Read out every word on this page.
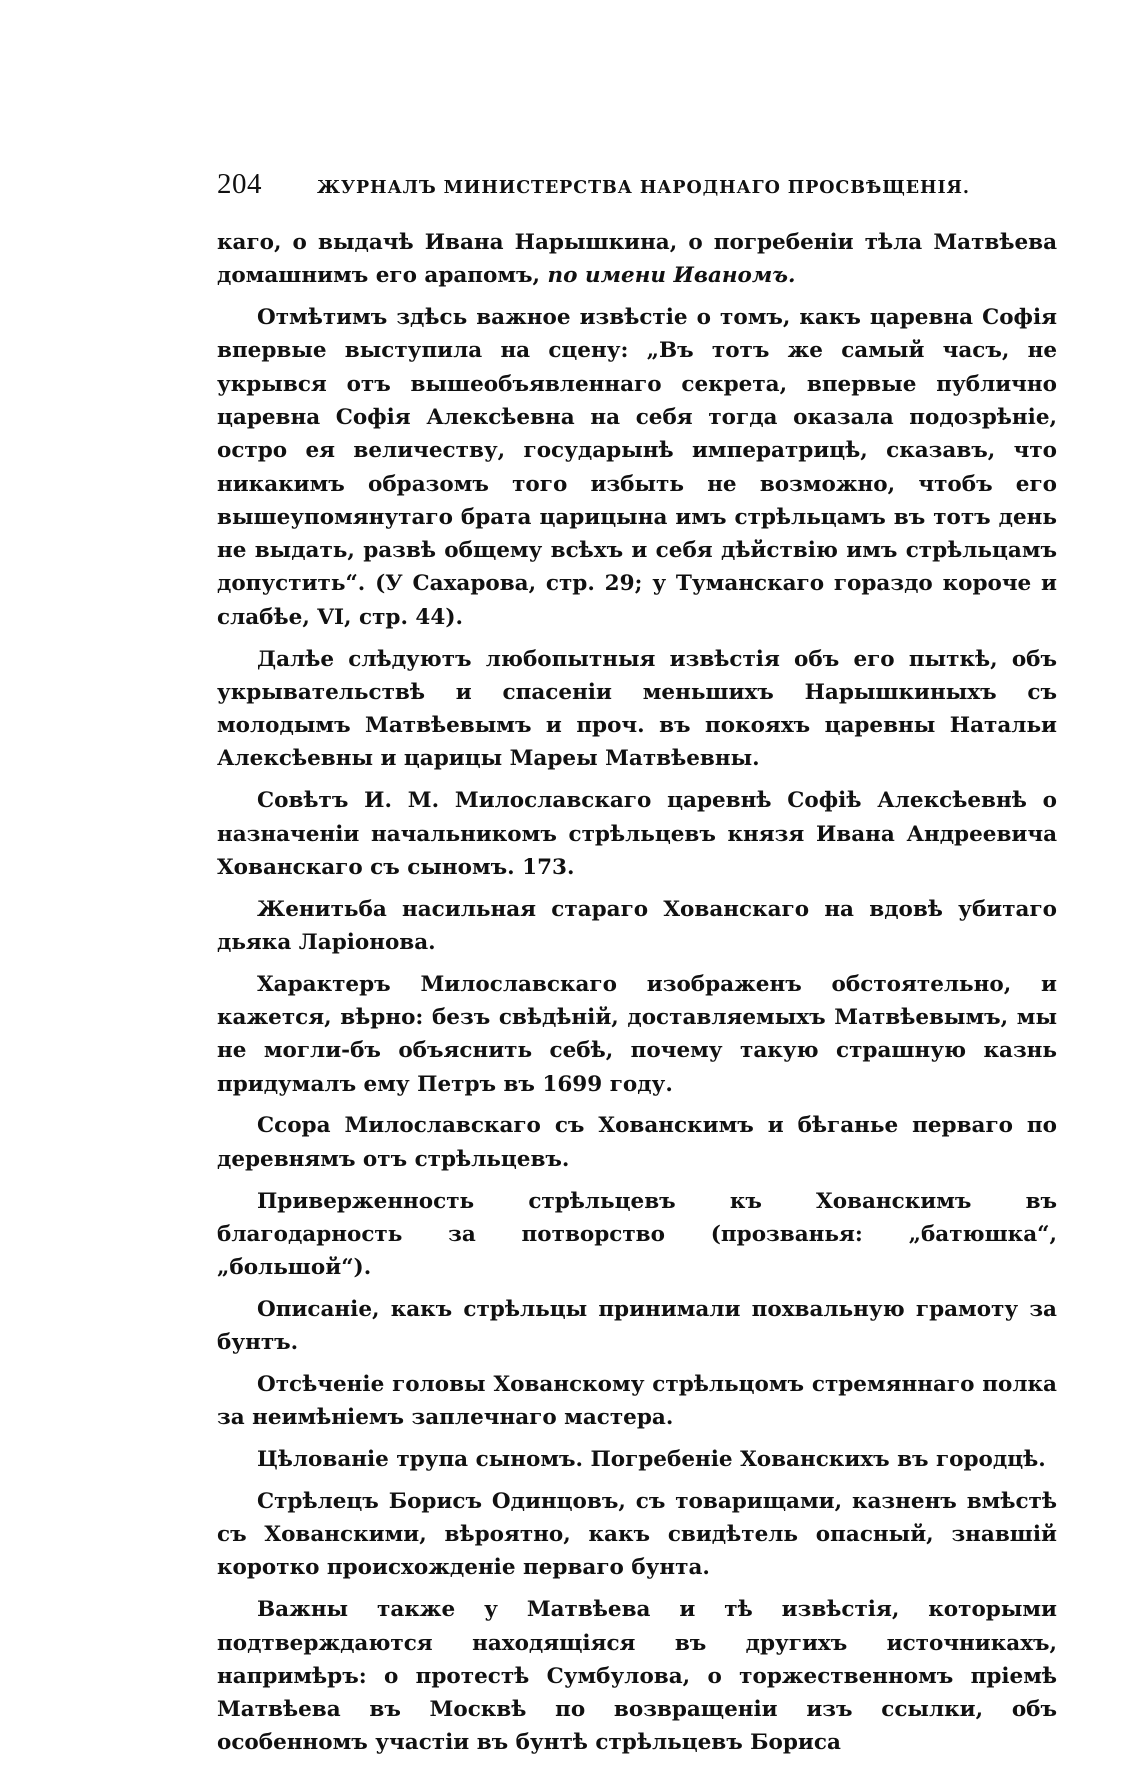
204	ЖУРНАЛЪ МИНИСТЕРСТВА НАРОДНАГО ПРОСВѢЩЕНІЯ.

каго, о выдачѣ Ивана Нарышкина, о погребеніи тѣла Матвѣева домашнимъ его арапомъ, по имени Иваномъ.

Отмѣтимъ здѣсь важное извѣстіе о томъ, какъ царевна Софія впервые выступила на сцену: „Въ тотъ же самый часъ, не укрывся отъ вышеобъявленнаго секрета, впервые публично царевна Софія Алексѣевна на себя тогда оказала подозрѣніе, остро ея величеству, государынѣ императрицѣ, сказавъ, что никакимъ образомъ того избыть не возможно, чтобъ его вышеупомянутаго брата царицына имъ стрѣльцамъ въ тотъ день не выдать, развѣ общему всѣхъ и себя дѣйствію имъ стрѣльцамъ допустить“. (У Сахарова, стр. 29; у Туманскаго гораздо короче и слабѣе, VI, стр. 44).

Далѣе слѣдуютъ любопытныя извѣстія объ его пыткѣ, объ укрывательствѣ и спасеніи меньшихъ Нарышкиныхъ съ молодымъ Матвѣевымъ и проч. въ покояхъ царевны Натальи Алексѣевны и царицы Мареы Матвѣевны.

Совѣтъ И. М. Милославскаго царевнѣ Софіѣ Алексѣевнѣ о назначеніи начальникомъ стрѣльцевъ князя Ивана Андреевича Хованскаго съ сыномъ. 173.

Женитьба насильная стараго Хованскаго на вдовѣ убитаго дьяка Ларіонова.

Характеръ Милославскаго изображенъ обстоятельно, и кажется, вѣрно: безъ свѣдѣній, доставляемыхъ Матвѣевымъ, мы не могли-бъ объяснить себѣ, почему такую страшную казнь придумалъ ему Петръ въ 1699 году.

Ссора Милославскаго съ Хованскимъ и бѣганье перваго по деревнямъ отъ стрѣльцевъ.

Приверженность стрѣльцевъ къ Хованскимъ въ благодарность за потворство (прозванья: „батюшка“, „большой“).

Описаніе, какъ стрѣльцы принимали похвальную грамоту за бунтъ.

Отсѣченіе головы Хованскому стрѣльцомъ стремяннаго полка за неимѣніемъ заплечнаго мастера.

Цѣлованіе трупа сыномъ. Погребеніе Хованскихъ въ городцѣ.

Стрѣлецъ Борисъ Одинцовъ, съ товарищами, казненъ вмѣстѣ съ Хованскими, вѣроятно, какъ свидѣтель опасный, знавшій коротко происхожденіе перваго бунта.

Важны также у Матвѣева и тѣ извѣстія, которыми подтверждаются находящіяся въ другихъ источникахъ, напримѣръ: о протестѣ Сумбулова, о торжественномъ пріемѣ Матвѣева въ Москвѣ по возвращеніи изъ ссылки, объ особенномъ участіи въ бунтѣ стрѣльцевъ Бориса
